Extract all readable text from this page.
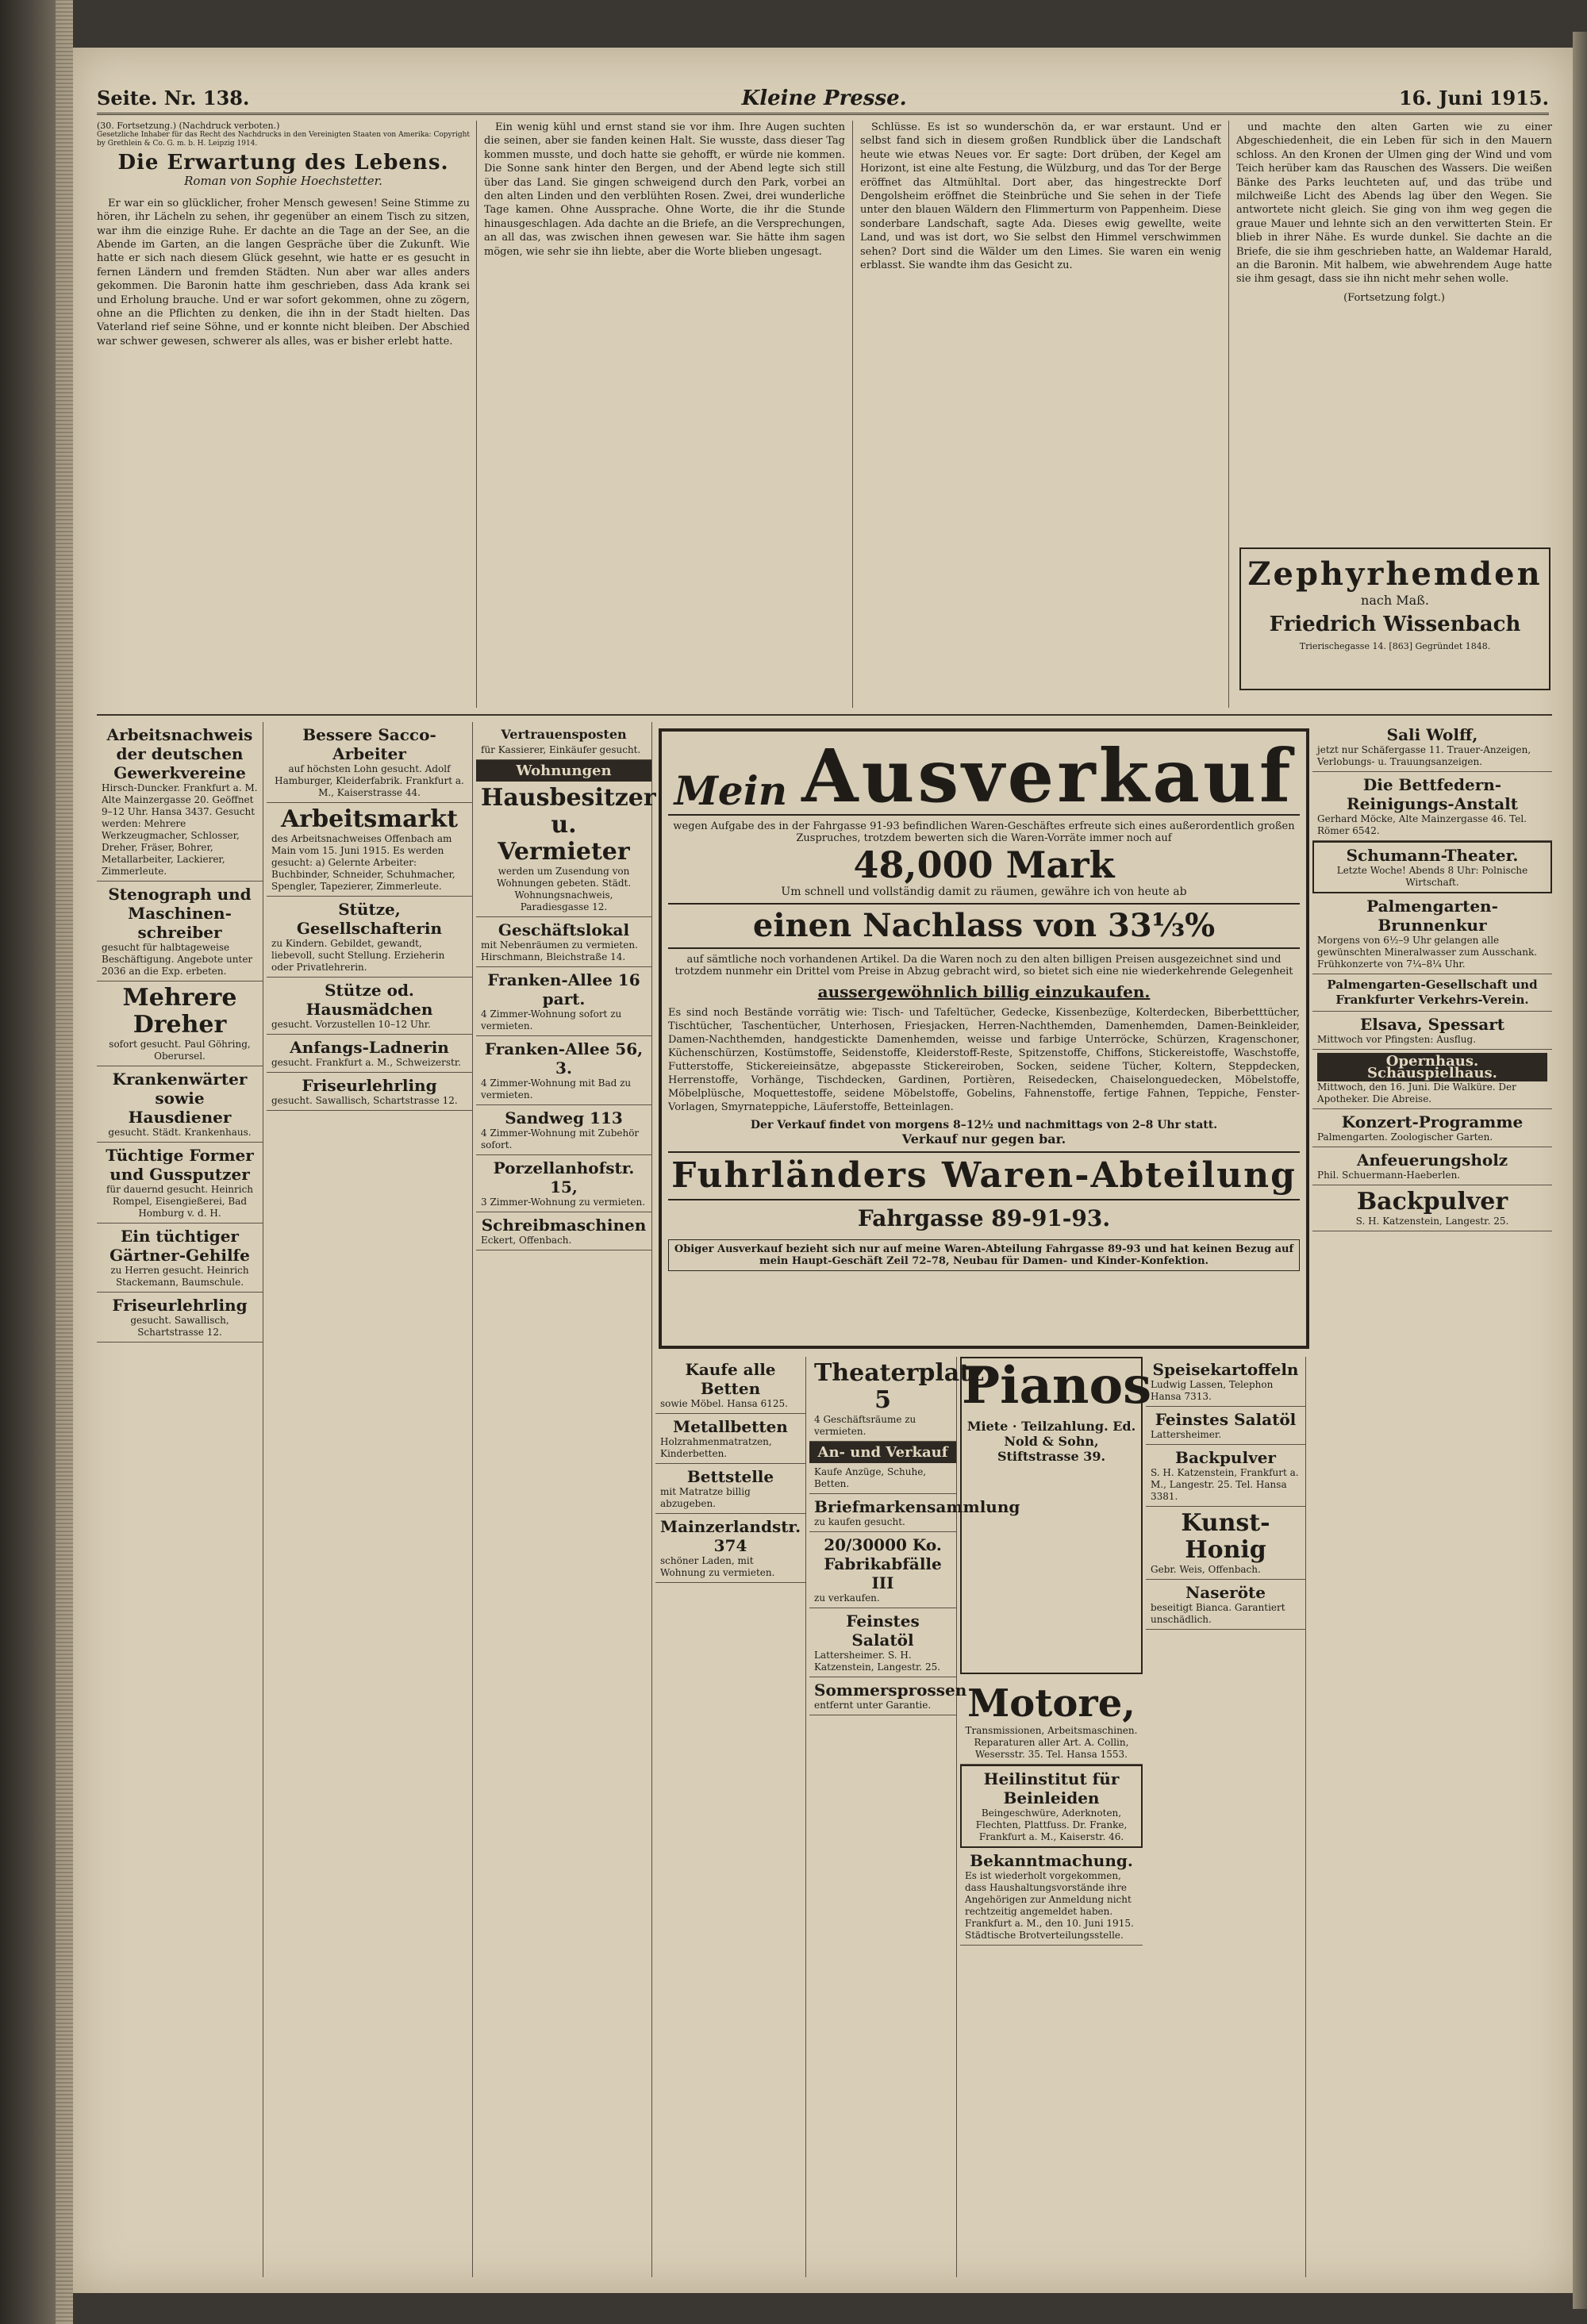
Seite. Nr. 138.	Kleine Presse.	16. Juni 1915.
(30. Fortsetzung.) (Nachdruck verboten.)
Gesetzliche Inhaber für das Recht des Nachdrucks in den Vereinigten Staaten von Amerika: Copyright by Grethlein & Co. G. m. b. H. Leipzig 1914.
Die Erwartung des Lebens.
Roman von Sophie Hoechstetter.

Er war ein so glücklicher, froher Mensch gewesen! Seine Stimme zu hören, ihr Lächeln zu sehen, ihr gegenüber an einem Tisch zu sitzen, war ihm die einzige Ruhe. Er dachte an die Tage an der See, an die Abende im Garten, an die langen Gespräche über die Zukunft. Wie hatte er sich nach diesem Glück gesehnt, wie hatte er es gesucht in fernen Ländern und fremden Städten. Nun aber war alles anders gekommen. Die Baronin hatte ihm geschrieben, dass Ada krank sei und Erholung brauche. Und er war sofort gekommen, ohne zu zögern, ohne an die Pflichten zu denken, die ihn in der Stadt hielten. Das Vaterland rief seine Söhne, und er konnte nicht bleiben. Der Abschied war schwer gewesen, schwerer als alles, was er bisher erlebt hatte.

Ein wenig kühl und ernst stand sie vor ihm. Ihre Augen suchten die seinen, aber sie fanden keinen Halt. Sie wusste, dass dieser Tag kommen musste, und doch hatte sie gehofft, er würde nie kommen. Die Sonne sank hinter den Bergen, und der Abend legte sich still über das Land. Sie gingen schweigend durch den Park, vorbei an den alten Linden und den verblühten Rosen. Zwei, drei wunderliche Tage kamen. Ohne Aussprache. Ohne Worte, die ihr die Stunde hinausgeschlagen. Ada dachte an die Briefe, an die Versprechungen, an all das, was zwischen ihnen gewesen war. Sie hätte ihm sagen mögen, wie sehr sie ihn liebte, aber die Worte blieben ungesagt.

Schlüsse. Es ist so wunderschön da, er war erstaunt. Und er selbst fand sich in diesem großen Rundblick über die Landschaft heute wie etwas Neues vor. Er sagte: Dort drüben, der Kegel am Horizont, ist eine alte Festung, die Wülzburg, und das Tor der Berge eröffnet das Altmühltal. Dort aber, das hingestreckte Dorf Dengolsheim eröffnet die Steinbrüche und Sie sehen in der Tiefe unter den blauen Wäldern den Flimmerturm von Pappenheim. Diese sonderbare Landschaft, sagte Ada. Dieses ewig gewellte, weite Land, und was ist dort, wo Sie selbst den Himmel verschwimmen sehen? Dort sind die Wälder um den Limes. Sie waren ein wenig erblasst. Sie wandte ihm das Gesicht zu.

und machte den alten Garten wie zu einer Abgeschiedenheit, die ein Leben für sich in den Mauern schloss. An den Kronen der Ulmen ging der Wind und vom Teich herüber kam das Rauschen des Wassers. Die weißen Bänke des Parks leuchteten auf, und das trübe und milchweiße Licht des Abends lag über den Wegen. Sie antwortete nicht gleich. Sie ging von ihm weg gegen die graue Mauer und lehnte sich an den verwitterten Stein. Er blieb in ihrer Nähe. Es wurde dunkel. Sie dachte an die Briefe, die sie ihm geschrieben hatte, an Waldemar Harald, an die Baronin. Mit halbem, wie abwehrendem Auge hatte sie ihm gesagt, dass sie ihn nicht mehr sehen wolle.

(Fortsetzung folgt.)
Zephyrhemden
nach Maß.
Friedrich Wissenbach
Trierischegasse 14. [863] Gegründet 1848.
Arbeitsnachweis der deutschen Gewerkvereine
Hirsch-Duncker. Frankfurt a. M. Alte Mainzergasse 20. Geöffnet 9–12 Uhr. Hansa 3437. Gesucht werden: Mehrere Werkzeugmacher, Schlosser, Dreher, Fräser, Bohrer, Metallarbeiter, Lackierer, Zimmerleute.
Stenograph und Maschinenschreiber
gesucht für halbtageweise Beschäftigung. Angebote unter 2036 an die Exp. erbeten.
Mehrere Dreher
sofort gesucht. Paul Göhring, Oberursel.
Krankenwärter sowie Hausdiener
gesucht. Städt. Krankenhaus.
Tüchtige Former und Gussputzer
für dauernd gesucht. Heinrich Rompel, Eisengießerei, Bad Homburg v. d. H.
Ein tüchtiger Gärtner-Gehilfe
zu Herren gesucht. Heinrich Stackemann, Baumschule.
Friseurlehrling
gesucht. Sawallisch, Schartstrasse 12.
Bessere Sacco-Arbeiter
auf höchsten Lohn gesucht. Adolf Hamburger, Kleiderfabrik. Frankfurt a. M., Kaiserstrasse 44.
Arbeitsmarkt
des Arbeitsnachweises Offenbach am Main vom 15. Juni 1915. Es werden gesucht: a) Gelernte Arbeiter: Buchbinder, Schneider, Schuhmacher, Spengler, Tapezierer, Zimmerleute.
Stütze, Gesellschafterin
zu Kindern. Gebildet, gewandt, liebevoll, sucht Stellung. Erzieherin oder Privatlehrerin.
Stütze od. Hausmädchen
gesucht. Vorzustellen 10–12 Uhr.
Anfangs-Ladnerin
gesucht. Frankfurt a. M., Schweizerstr.
Friseurlehrling
gesucht. Sawallisch, Schartstrasse 12.
Vertrauensposten
für Kassierer, Einkäufer gesucht.
Wohnungen
Hausbesitzer u. Vermieter
werden um Zusendung von Wohnungen gebeten. Städt. Wohnungsnachweis, Paradiesgasse 12.
Geschäftslokal
mit Nebenräumen zu vermieten. Hirschmann, Bleichstraße 14.
Franken-Allee 16 part.
4 Zimmer-Wohnung sofort zu vermieten.
Franken-Allee 56, 3.
4 Zimmer-Wohnung mit Bad zu vermieten.
Sandweg 113
4 Zimmer-Wohnung mit Zubehör sofort.
Porzellanhofstr. 15,
3 Zimmer-Wohnung zu vermieten.
Schreibmaschinen
Eckert, Offenbach.
Kaufe alle Betten
sowie Möbel. Hansa 6125.
Metallbetten
Holzrahmenmatratzen, Kinderbetten.
Bettstelle
mit Matratze billig abzugeben.
Mainzerlandstr. 374
schöner Laden, mit Wohnung zu vermieten.
Mein Ausverkauf
wegen Aufgabe des in der Fahrgasse 91-93 befindlichen Waren-Geschäftes erfreute sich eines außerordentlich großen Zuspruches, trotzdem bewerten sich die Waren-Vorräte immer noch auf
48,000 Mark
Um schnell und vollständig damit zu räumen, gewähre ich von heute ab
einen Nachlass von 33⅓%
auf sämtliche noch vorhandenen Artikel. Da die Waren noch zu den alten billigen Preisen ausgezeichnet sind und trotzdem nunmehr ein Drittel vom Preise in Abzug gebracht wird, so bietet sich eine nie wiederkehrende Gelegenheit
aussergewöhnlich billig einzukaufen.
Es sind noch Bestände vorrätig wie: Tisch- und Tafeltücher, Gedecke, Kissenbezüge, Kolterdecken, Biberbetttücher, Tischtücher, Taschentücher, Unterhosen, Friesjacken, Herren-Nachthemden, Damenhemden, Damen-Beinkleider, Damen-Nachthemden, handgestickte Damenhemden, weisse und farbige Unterröcke, Schürzen, Kragenschoner, Küchenschürzen, Kostümstoffe, Seidenstoffe, Kleiderstoff-Reste, Spitzenstoffe, Chiffons, Stickereistoffe, Waschstoffe, Futterstoffe, Stickereieinsätze, abgepasste Stickereiroben, Socken, seidene Tücher, Koltern, Steppdecken, Herrenstoffe, Vorhänge, Tischdecken, Gardinen, Portièren, Reisedecken, Chaiselonguedecken, Möbelstoffe, Möbelplüsche, Moquettestoffe, seidene Möbelstoffe, Gobelins, Fahnenstoffe, fertige Fahnen, Teppiche, Fenster-Vorlagen, Smyrnateppiche, Läuferstoffe, Betteinlagen.
Der Verkauf findet von morgens 8–12½ und nachmittags von 2–8 Uhr statt.
Verkauf nur gegen bar.
Fuhrländers Waren-Abteilung
Fahrgasse 89-91-93.
Obiger Ausverkauf bezieht sich nur auf meine Waren-Abteilung Fahrgasse 89-93 und hat keinen Bezug auf mein Haupt-Geschäft Zeil 72–78, Neubau für Damen- und Kinder-Konfektion.
Theaterplatz 5
4 Geschäftsräume zu vermieten.
An- und Verkauf
Kaufe Anzüge, Schuhe, Betten.
Briefmarkensammlung
zu kaufen gesucht.
20/30000 Ko. Fabrikabfälle III
zu verkaufen.
Feinstes Salatöl
Lattersheimer. S. H. Katzenstein, Langestr. 25.
Sommersprossen
entfernt unter Garantie.
Pianos
Miete · Teilzahlung. Ed. Nold & Sohn, Stiftstrasse 39.
Speisekartoffeln
Ludwig Lassen, Telephon Hansa 7313.
Feinstes Salatöl
Lattersheimer.
Backpulver
S. H. Katzenstein, Frankfurt a. M., Langestr. 25. Tel. Hansa 3381.
Kunst-Honig
Gebr. Weis, Offenbach.
Naseröte
beseitigt Bianca. Garantiert unschädlich.
Motore,
Transmissionen, Arbeitsmaschinen. Reparaturen aller Art. A. Collin, Wesersstr. 35. Tel. Hansa 1553.
Heilinstitut für Beinleiden
Beingeschwüre, Aderknoten, Flechten, Plattfuss. Dr. Franke, Frankfurt a. M., Kaiserstr. 46.
Bekanntmachung.
Es ist wiederholt vorgekommen, dass Haushaltungsvorstände ihre Angehörigen zur Anmeldung nicht rechtzeitig angemeldet haben. Frankfurt a. M., den 10. Juni 1915. Städtische Brotverteilungsstelle.
Sali Wolff,
jetzt nur Schäfergasse 11. Trauer-Anzeigen, Verlobungs- u. Trauungsanzeigen.
Die Bettfedern-Reinigungs-Anstalt
Gerhard Möcke, Alte Mainzergasse 46. Tel. Römer 6542.
Schumann-Theater.
Letzte Woche! Abends 8 Uhr: Polnische Wirtschaft.
Palmengarten-Brunnenkur
Morgens von 6½–9 Uhr gelangen alle gewünschten Mineralwasser zum Ausschank. Frühkonzerte von 7¼–8¼ Uhr.
Palmengarten-Gesellschaft und Frankfurter Verkehrs-Verein.
Elsava, Spessart
Mittwoch vor Pfingsten: Ausflug.
Opernhaus. Schauspielhaus.
Mittwoch, den 16. Juni. Die Walküre. Der Apotheker. Die Abreise.
Konzert-Programme
Palmengarten. Zoologischer Garten.
Anfeuerungsholz
Phil. Schuermann-Haeberlen.
Backpulver
S. H. Katzenstein, Langestr. 25.
